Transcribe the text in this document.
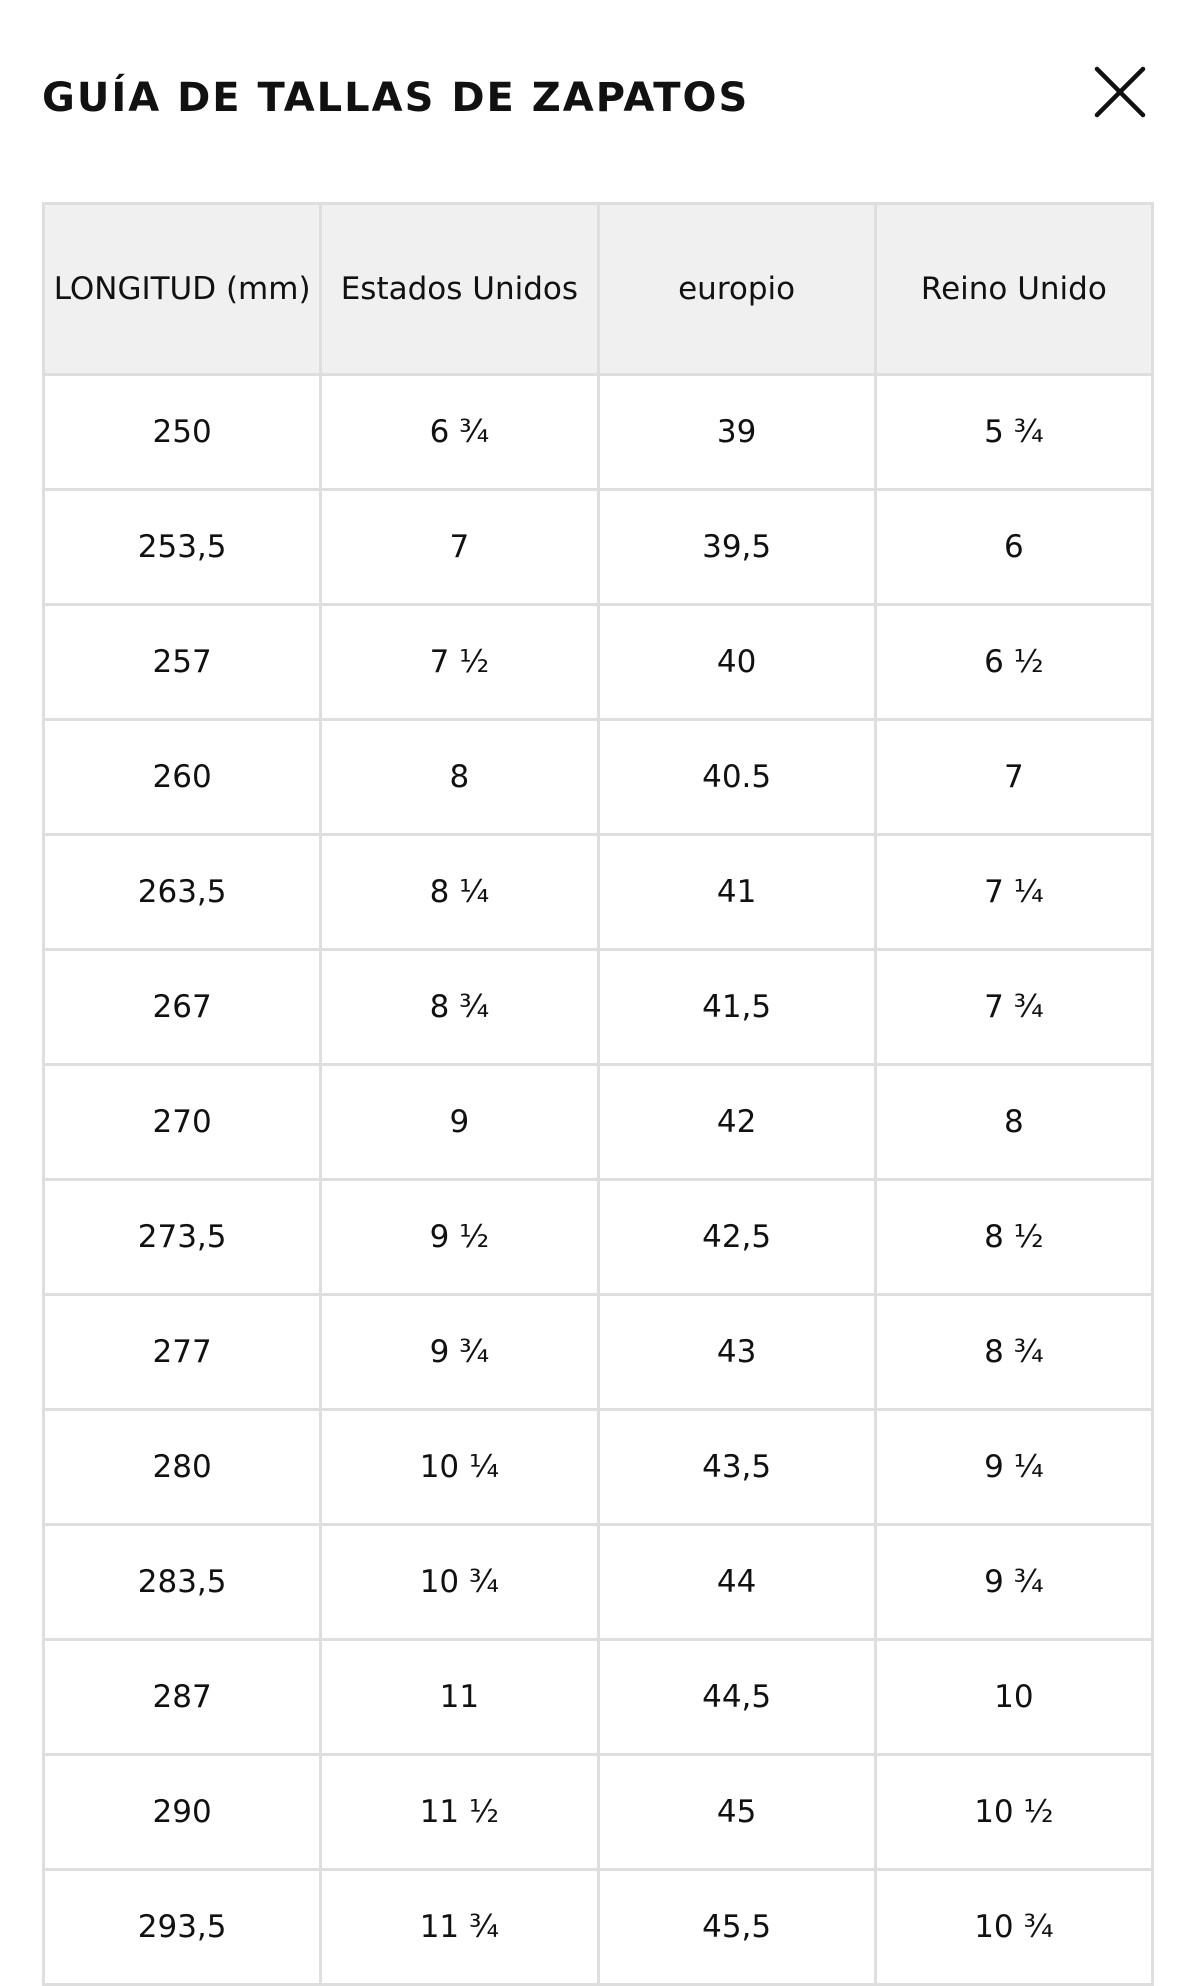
GUÍA DE TALLAS DE ZAPATOS
LONGITUD (mm)	Estados Unidos	europio	Reino Unido
250	6 ¾	39	5 ¾
253,5	7	39,5	6
257	7 ½	40	6 ½
260	8	40.5	7
263,5	8 ¼	41	7 ¼
267	8 ¾	41,5	7 ¾
270	9	42	8
273,5	9 ½	42,5	8 ½
277	9 ¾	43	8 ¾
280	10 ¼	43,5	9 ¼
283,5	10 ¾	44	9 ¾
287	11	44,5	10
290	11 ½	45	10 ½
293,5	11 ¾	45,5	10 ¾
